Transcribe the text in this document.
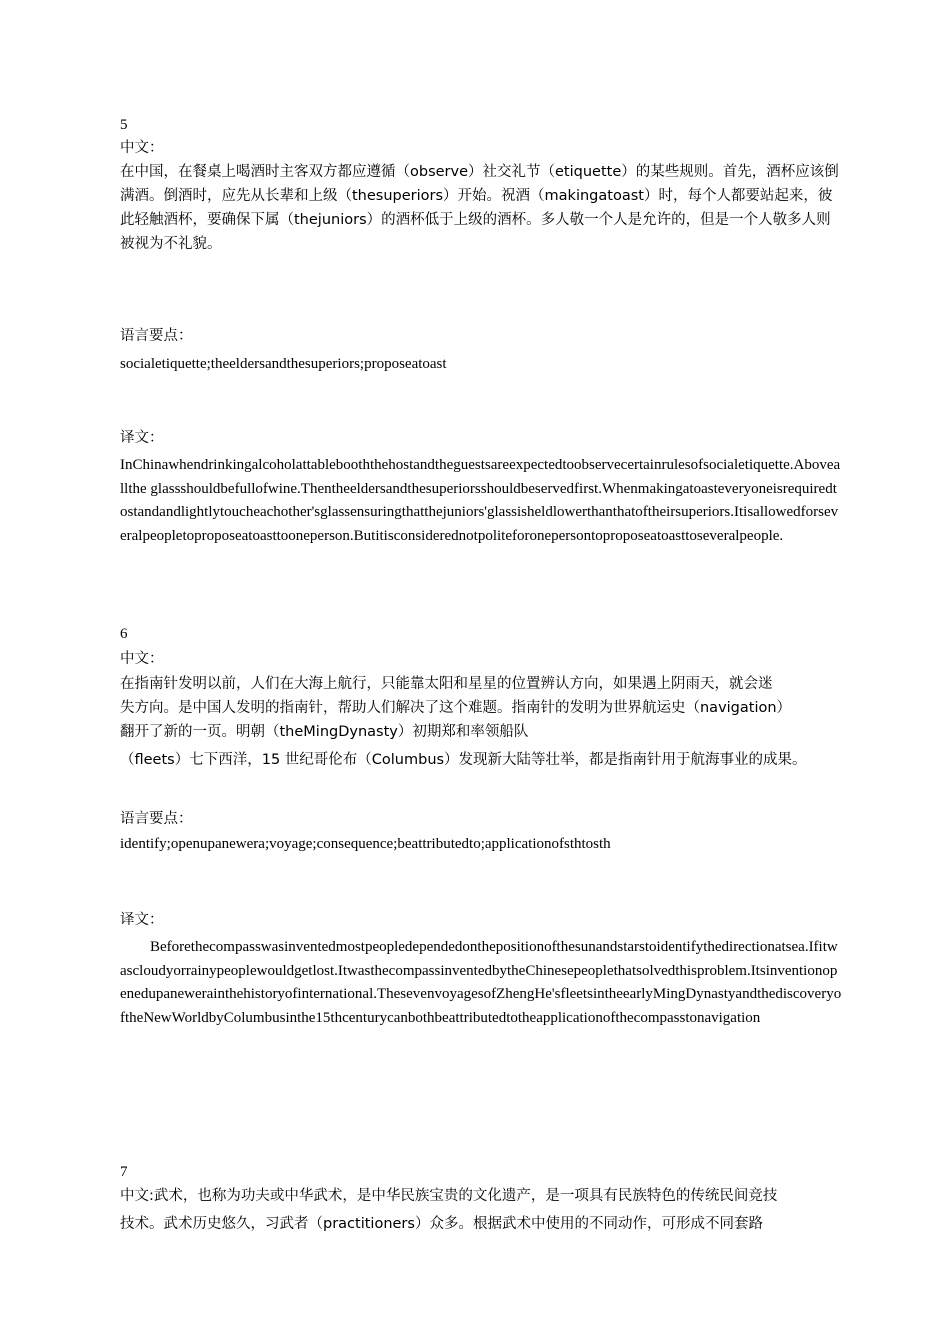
5
中文：
在中国，在餐桌上喝酒时主客双方都应遵循（observe）社交礼节（etiquette）的某些规则。首先，酒杯应该倒满酒。倒酒时，应先从长辈和上级（thesuperiors）开始。祝酒（makingatoast）时，每个人都要站起来，彼此轻触酒杯，要确保下属（thejuniors）的酒杯低于上级的酒杯。多人敬一个人是允许的，但是一个人敬多人则被视为不礼貌。
语言要点：
socialetiquette;theeldersandthesuperiors;proposeatoast
译文：
InChinawhendrinkingalcoholattablebooththehostandtheguestsareexpectedtoobservecertainrulesofsocialetiquette.Aboveallthe glassshouldbefullofwine.Thentheeldersandthesuperiorsshouldbeservedfirst.Whenmakingatoasteveryoneisrequiredtostandandlightlytoucheachother'sglassensuringthatthejuniors'glassisheldlowerthanthatoftheirsuperiors.Itisallowedforseveralpeopletoproposeatoasttooneperson.Butitisconsiderednotpoliteforonepersontoproposeatoasttoseveralpeople.
6
中文：
在指南针发明以前，人们在大海上航行，只能靠太阳和星星的位置辨认方向，如果遇上阴雨天，就会迷
失方向。是中国人发明的指南针，帮助人们解决了这个难题。指南针的发明为世界航运史（navigation）
翻开了新的一页。明朝（theMingDynasty）初期郑和率领船队
（fleets）七下西洋，15 世纪哥伦布（Columbus）发现新大陆等壮举，都是指南针用于航海事业的成果。
语言要点：
identify;openupanewera;voyage;consequence;beattributedto;applicationofsthtosth
译文：
Beforethecompasswasinventedmostpeopledependedonthepositionofthesunandstarstoidentifythedirectionatsea.Ifitwascloudyorrainypeoplewouldgetlost.ItwasthecompassinventedbytheChinesepeoplethatsolvedthisproblem.Itsinventionopenedupanewerainthehistoryofinternational.ThesevenvoyagesofZhengHe'sfleetsintheearlyMingDynastyandthediscoveryoftheNewWorldbyColumbusinthe15thcenturycanbothbeattributedtotheapplicationofthecompasstonavigation
7
中文:武术，也称为功夫或中华武术，是中华民族宝贵的文化遗产，是一项具有民族特色的传统民间竞技
技术。武术历史悠久，习武者（practitioners）众多。根据武术中使用的不同动作，可形成不同套路
